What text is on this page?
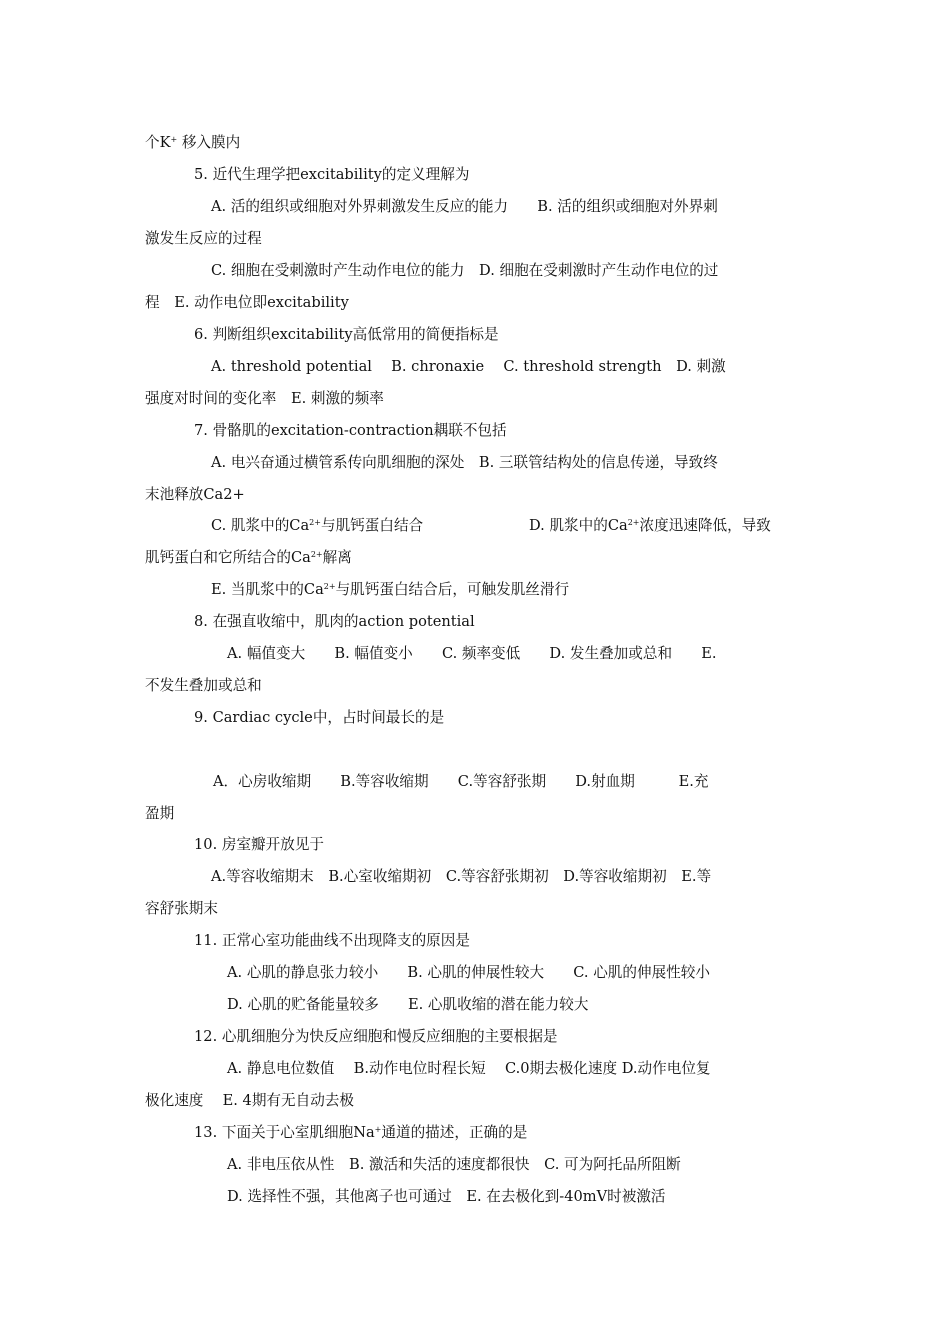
个K+ 移入膜内
5. 近代生理学把excitability的定义理解为
A. 活的组织或细胞对外界刺激发生反应的能力　　B. 活的组织或细胞对外界刺
激发生反应的过程
C. 细胞在受刺激时产生动作电位的能力　D. 细胞在受刺激时产生动作电位的过
程　E. 动作电位即excitability
6. 判断组织excitability高低常用的简便指标是
A. threshold potential　 B. chronaxie　 C. threshold strength　D. 刺激
强度对时间的变化率　E. 刺激的频率
7. 骨骼肌的excitation-contraction耦联不包括
A. 电兴奋通过横管系传向肌细胞的深处　B. 三联管结构处的信息传递，导致终
末池释放Ca2+
C. 肌浆中的$Ca^{2+}$与肌钙蛋白结合	D. 肌浆中的$Ca^{2+}$浓度迅速降低，导致
肌钙蛋白和它所结合的$Ca^{2+}$解离
E. 当肌浆中的$Ca^{2+}$与肌钙蛋白结合后，可触发肌丝滑行
8. 在强直收缩中，肌肉的action potential
A. 幅值变大　　B. 幅值变小　　C. 频率变低　　D. 发生叠加或总和　　E.
不发生叠加或总和
9. Cardiac cycle中，占时间最长的是
A．心房收缩期　　B.等容收缩期　　C.等容舒张期　　D.射血期　　　E.充
盈期
10. 房室瓣开放见于
A.等容收缩期末　B.心室收缩期初　C.等容舒张期初　D.等容收缩期初　E.等
容舒张期末
11. 正常心室功能曲线不出现降支的原因是
A. 心肌的静息张力较小　　B. 心肌的伸展性较大　　C. 心肌的伸展性较小
D. 心肌的贮备能量较多　　E. 心肌收缩的潜在能力较大
12. 心肌细胞分为快反应细胞和慢反应细胞的主要根据是
A. 静息电位数值　 B.动作电位时程长短　 C.0期去极化速度 D.动作电位复
极化速度　 E. 4期有无自动去极
13. 下面关于心室肌细胞Na+通道的描述，正确的是
A. 非电压依从性　B. 激活和失活的速度都很快　C. 可为阿托品所阻断
D. 选择性不强，其他离子也可通过　E. 在去极化到-40mV时被激活
